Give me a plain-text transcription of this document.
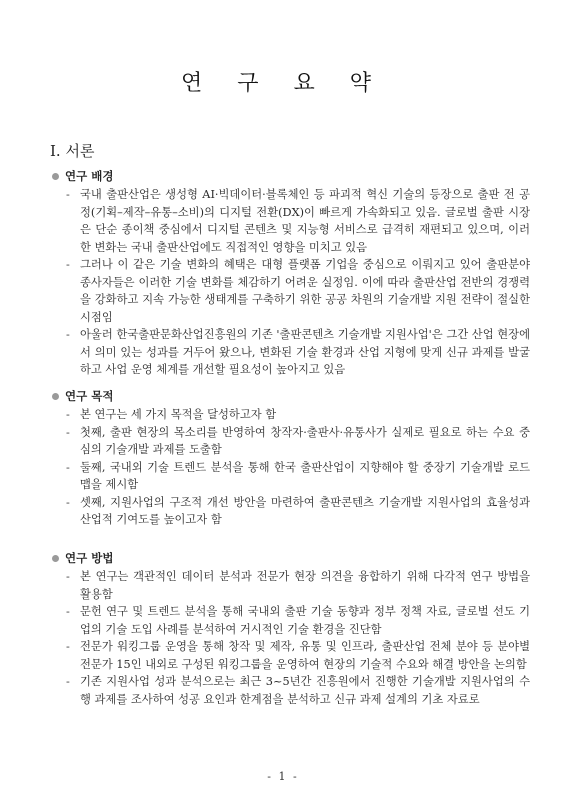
연 구 요 약
Ⅰ. 서론
연구 배경
- 국내 출판산업은 생성형 AI·빅데이터·블록체인 등 파괴적 혁신 기술의 등장으로 출판 전 공정(기획–제작–유통–소비)의 디지털 전환(DX)이 빠르게 가속화되고 있음. 글로벌 출판 시장은 단순 종이책 중심에서 디지털 콘텐츠 및 지능형 서비스로 급격히 재편되고 있으며, 이러한 변화는 국내 출판산업에도 직접적인 영향을 미치고 있음
- 그러나 이 같은 기술 변화의 혜택은 대형 플랫폼 기업을 중심으로 이뤄지고 있어 출판분야 종사자들은 이러한 기술 변화를 체감하기 어려운 실정임. 이에 따라 출판산업 전반의 경쟁력을 강화하고 지속 가능한 생태계를 구축하기 위한 공공 차원의 기술개발 지원 전략이 절실한 시점임
- 아울러 한국출판문화산업진흥원의 기존 '출판콘텐츠 기술개발 지원사업'은 그간 산업 현장에서 의미 있는 성과를 거두어 왔으나, 변화된 기술 환경과 산업 지형에 맞게 신규 과제를 발굴하고 사업 운영 체계를 개선할 필요성이 높아지고 있음
연구 목적
- 본 연구는 세 가지 목적을 달성하고자 함
- 첫째, 출판 현장의 목소리를 반영하여 창작자·출판사·유통사가 실제로 필요로 하는 수요 중심의 기술개발 과제를 도출함
- 둘째, 국내외 기술 트렌드 분석을 통해 한국 출판산업이 지향해야 할 중장기 기술개발 로드맵을 제시함
- 셋째, 지원사업의 구조적 개선 방안을 마련하여 출판콘텐츠 기술개발 지원사업의 효율성과 산업적 기여도를 높이고자 함
연구 방법
- 본 연구는 객관적인 데이터 분석과 전문가 현장 의견을 융합하기 위해 다각적 연구 방법을 활용함
- 문헌 연구 및 트렌드 분석을 통해 국내외 출판 기술 동향과 정부 정책 자료, 글로벌 선도 기업의 기술 도입 사례를 분석하여 거시적인 기술 환경을 진단함
- 전문가 워킹그룹 운영을 통해 창작 및 제작, 유통 및 인프라, 출판산업 전체 분야 등 분야별 전문가 15인 내외로 구성된 워킹그룹을 운영하여 현장의 기술적 수요와 해결 방안을 논의함
- 기존 지원사업 성과 분석으로는 최근 3~5년간 진흥원에서 진행한 기술개발 지원사업의 수행 과제를 조사하여 성공 요인과 한계점을 분석하고 신규 과제 설계의 기초 자료로
- 1 -
